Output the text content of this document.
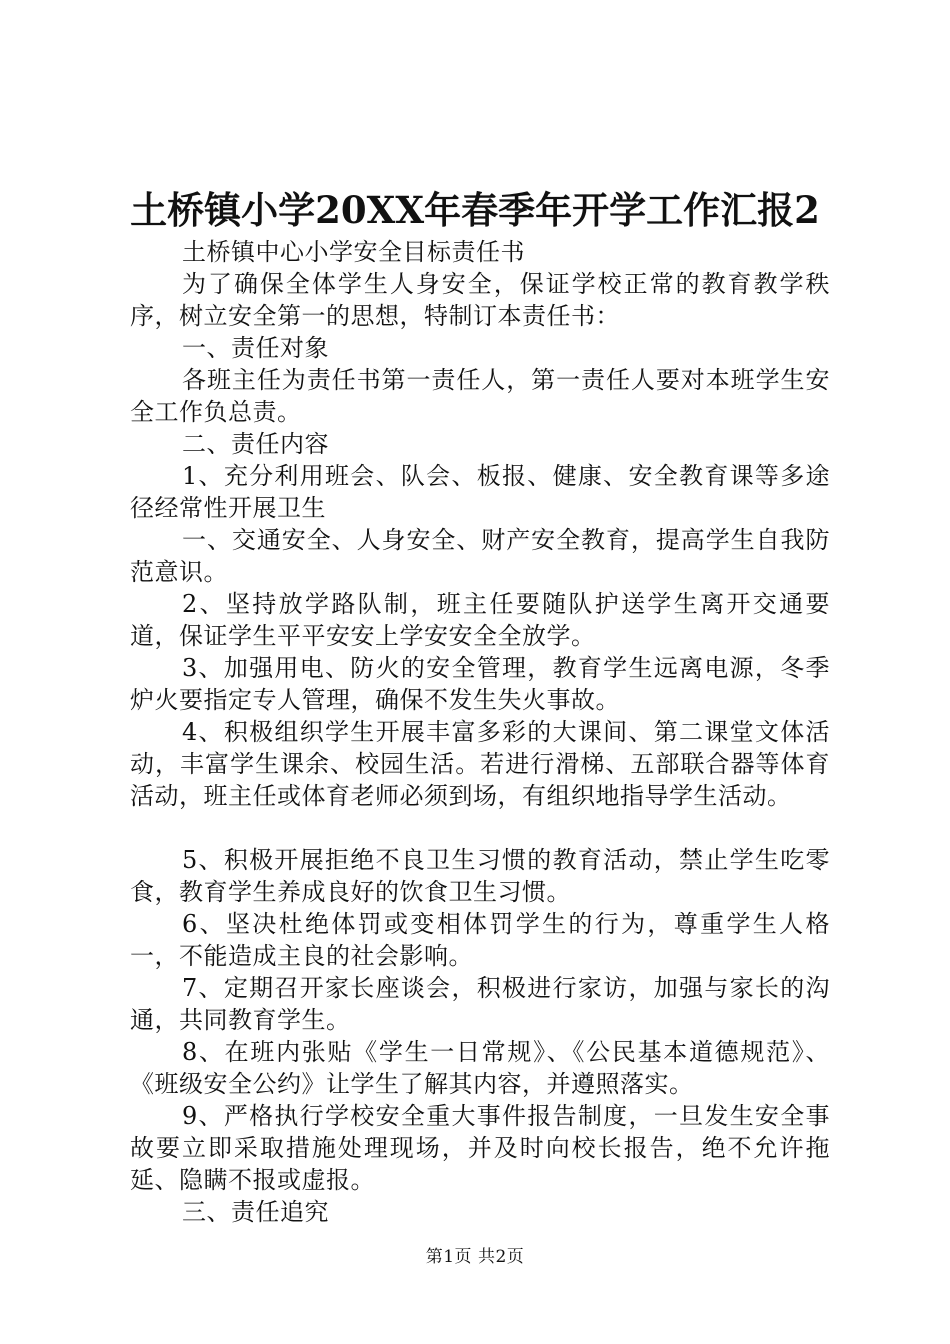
土桥镇小学20XX年春季年开学工作汇报2

土桥镇中心小学安全目标责任书

为了确保全体学生人身安全，保证学校正常的教育教学秩序，树立安全第一的思想，特制订本责任书：

一、责任对象

各班主任为责任书第一责任人，第一责任人要对本班学生安全工作负总责。

二、责任内容

1、充分利用班会、队会、板报、健康、安全教育课等多途径经常性开展卫生

一、交通安全、人身安全、财产安全教育，提高学生自我防范意识。

2、坚持放学路队制，班主任要随队护送学生离开交通要道，保证学生平平安安上学安安全全放学。

3、加强用电、防火的安全管理，教育学生远离电源，冬季炉火要指定专人管理，确保不发生失火事故。

4、积极组织学生开展丰富多彩的大课间、第二课堂文体活动，丰富学生课余、校园生活。若进行滑梯、五部联合器等体育活动，班主任或体育老师必须到场，有组织地指导学生活动。

5、积极开展拒绝不良卫生习惯的教育活动，禁止学生吃零食，教育学生养成良好的饮食卫生习惯。

6、坚决杜绝体罚或变相体罚学生的行为，尊重学生人格一，不能造成主良的社会影响。

7、定期召开家长座谈会，积极进行家访，加强与家长的沟通，共同教育学生。

8、在班内张贴《学生一日常规》、《公民基本道德规范》、《班级安全公约》让学生了解其内容，并遵照落实。

9、严格执行学校安全重大事件报告制度，一旦发生安全事故要立即采取措施处理现场，并及时向校长报告，绝不允许拖延、隐瞒不报或虚报。

三、责任追究

第1页 共2页
